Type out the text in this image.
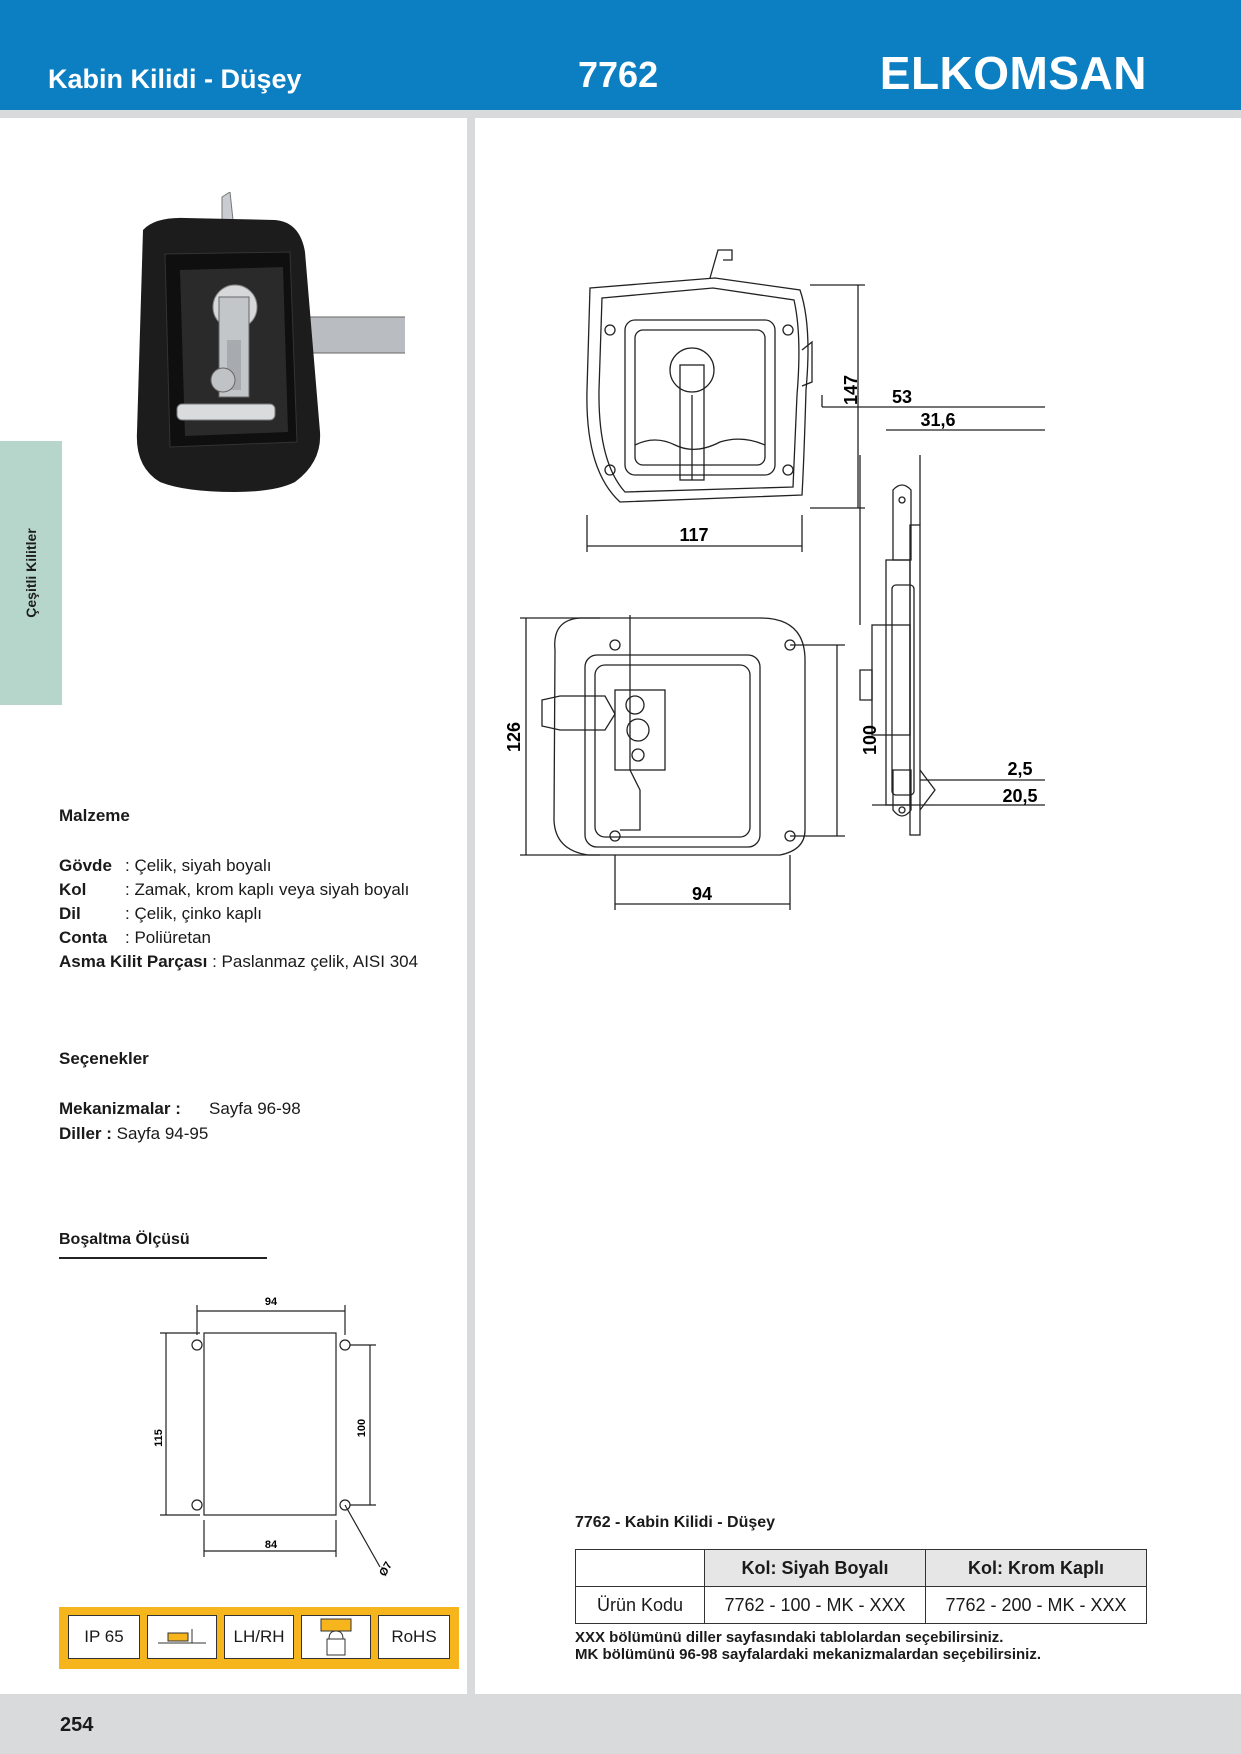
Kabin Kilidi - Düşey	7762	ELKOMSAN
Çeşitli Kilitler
Malzeme
Gövde : Çelik, siyah boyalı
Kol : Zamak, krom kaplı veya siyah boyalı
Dil	: Çelik, çinko kaplı
Conta : Poliüretan
Asma Kilit Parçası : Paslanmaz çelik, AISI 304
Seçenekler
Mekanizmalar : Sayfa 96-98
Diller : Sayfa 94-95
Boşaltma Ölçüsü
94
84
115
100
Ø7
53
31,6
2,5
20,5
147
117
126	100
94
IP 65	LH/RH	RoHS
7762 - Kabin Kilidi - Düşey
	Kol: Siyah Boyalı	Kol: Krom Kaplı
Ürün Kodu	7762 - 100 - MK - XXX	7762 - 200 - MK - XXX
XXX bölümünü diller sayfasındaki tablolardan seçebilirsiniz.
MK bölümünü 96-98 sayfalardaki mekanizmalardan seçebilirsiniz.
254
